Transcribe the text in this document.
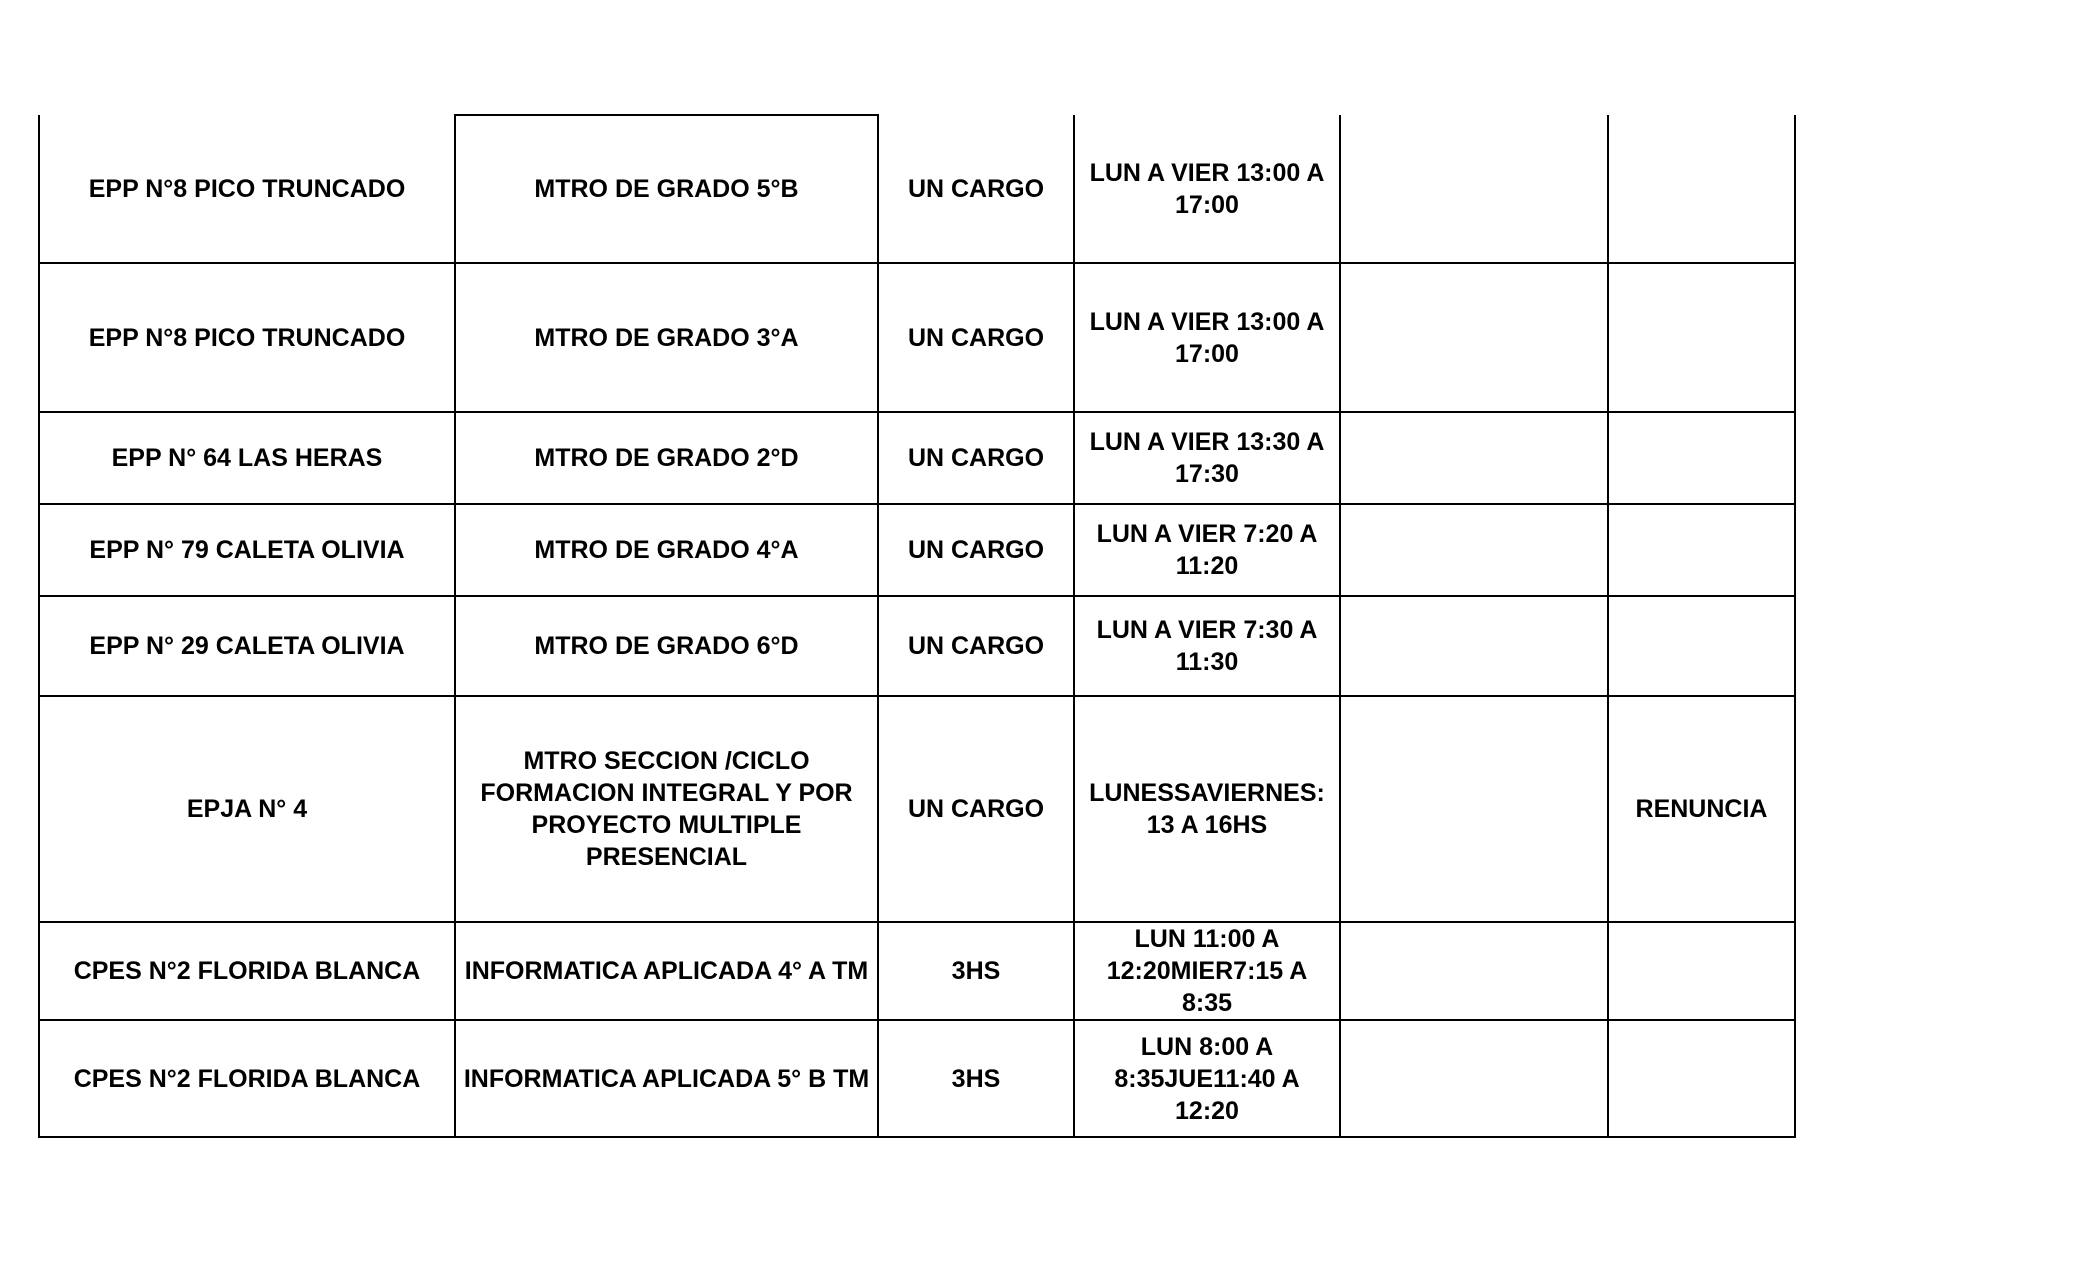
EPP N°8 PICO TRUNCADO	MTRO DE GRADO 5°B	UN CARGO	LUN A VIER 13:00 A
17:00		

EPP N°8 PICO TRUNCADO	MTRO DE GRADO 3°A	UN CARGO	LUN A VIER 13:00 A
17:00		

EPP N° 64 LAS HERAS	MTRO DE GRADO 2°D	UN CARGO	LUN A VIER 13:30 A
17:30		

EPP N° 79 CALETA OLIVIA	MTRO DE GRADO 4°A	UN CARGO	LUN A VIER 7:20 A
11:20		

EPP N° 29 CALETA OLIVIA	MTRO DE GRADO 6°D	UN CARGO	LUN A VIER 7:30 A
11:30		

EPJA N° 4	MTRO SECCION /CICLO
FORMACION INTEGRAL Y POR
PROYECTO MULTIPLE
PRESENCIAL	UN CARGO	LUNESSAVIERNES:
13 A 16HS		RENUNCIA

CPES N°2 FLORIDA BLANCA	INFORMATICA APLICADA 4° A TM	3HS	LUN 11:00 A
12:20MIER7:15 A
8:35		

CPES N°2 FLORIDA BLANCA	INFORMATICA APLICADA 5° B TM	3HS	LUN 8:00 A
8:35JUE11:40 A
12:20		
